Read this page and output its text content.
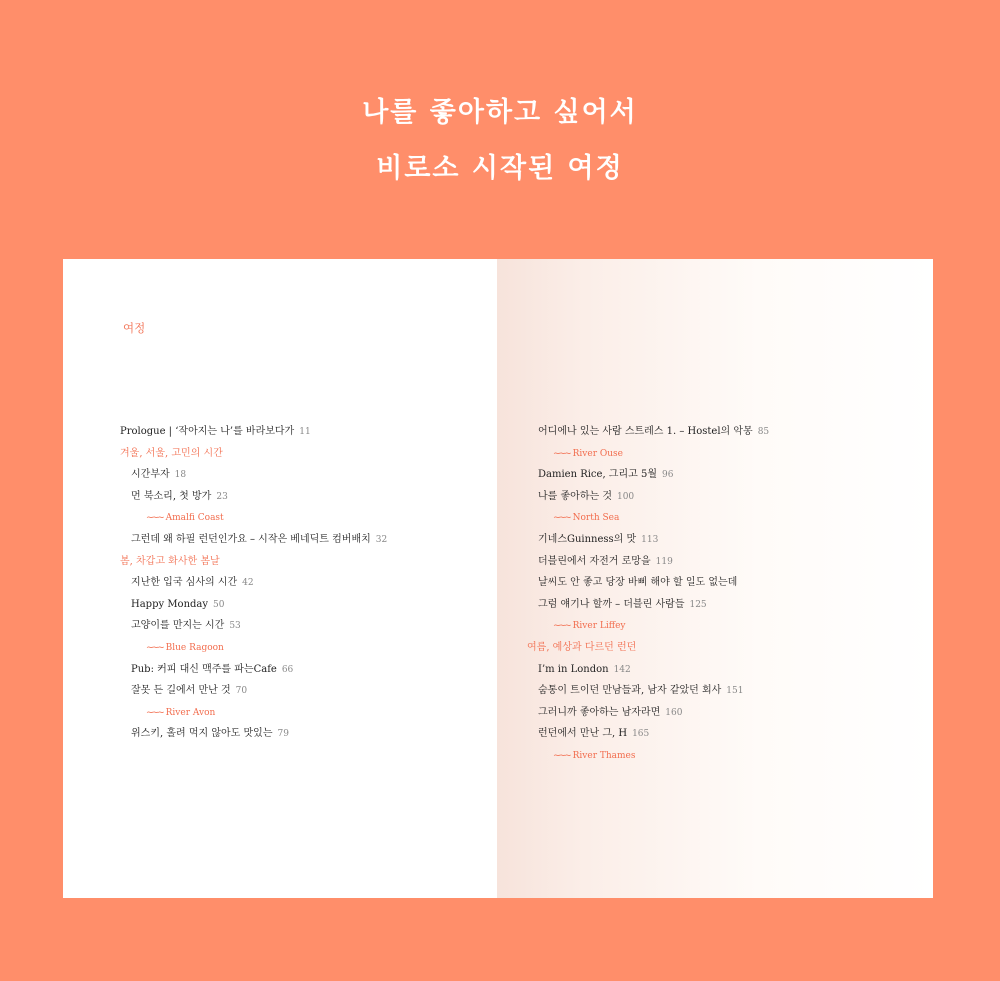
나를 좋아하고 싶어서
비로소 시작된 여정
여정
Prologue | ‘작아지는 나’를 바라보다가 11
겨울, 서울, 고민의 시간
시간부자 18
먼 북소리, 첫 방가 23
~~~ Amalfi Coast
그런데 왜 하필 런던인가요 – 시작은 베네딕트 컴버배치 32
봄, 차갑고 화사한 봄날
지난한 입국 심사의 시간 42
Happy Monday 50
고양이를 만지는 시간 53
~~~ Blue Ragoon
Pub: 커피 대신 맥주를 파는Cafe 66
잘못 든 길에서 만난 것 70
~~~ River Avon
위스키, 홀려 먹지 않아도 맛있는 79
어디에나 있는 사람 스트레스 1. – Hostel의 악몽 85
~~~ River Ouse
Damien Rice, 그리고 5월 96
나를 좋아하는 것 100
~~~ North Sea
기네스Guinness의 맛 113
더블린에서 자전거 로망을 119
날씨도 안 좋고 당장 바삐 해야 할 일도 없는데
그럼 얘기나 할까 – 더블린 사람들 125
~~~ River Liffey
여름, 예상과 다르던 런던
I’m in London 142
숨통이 트이던 만남들과, 남자 같았던 회사 151
그러니까 좋아하는 남자라면 160
런던에서 만난 그, H 165
~~~ River Thames
